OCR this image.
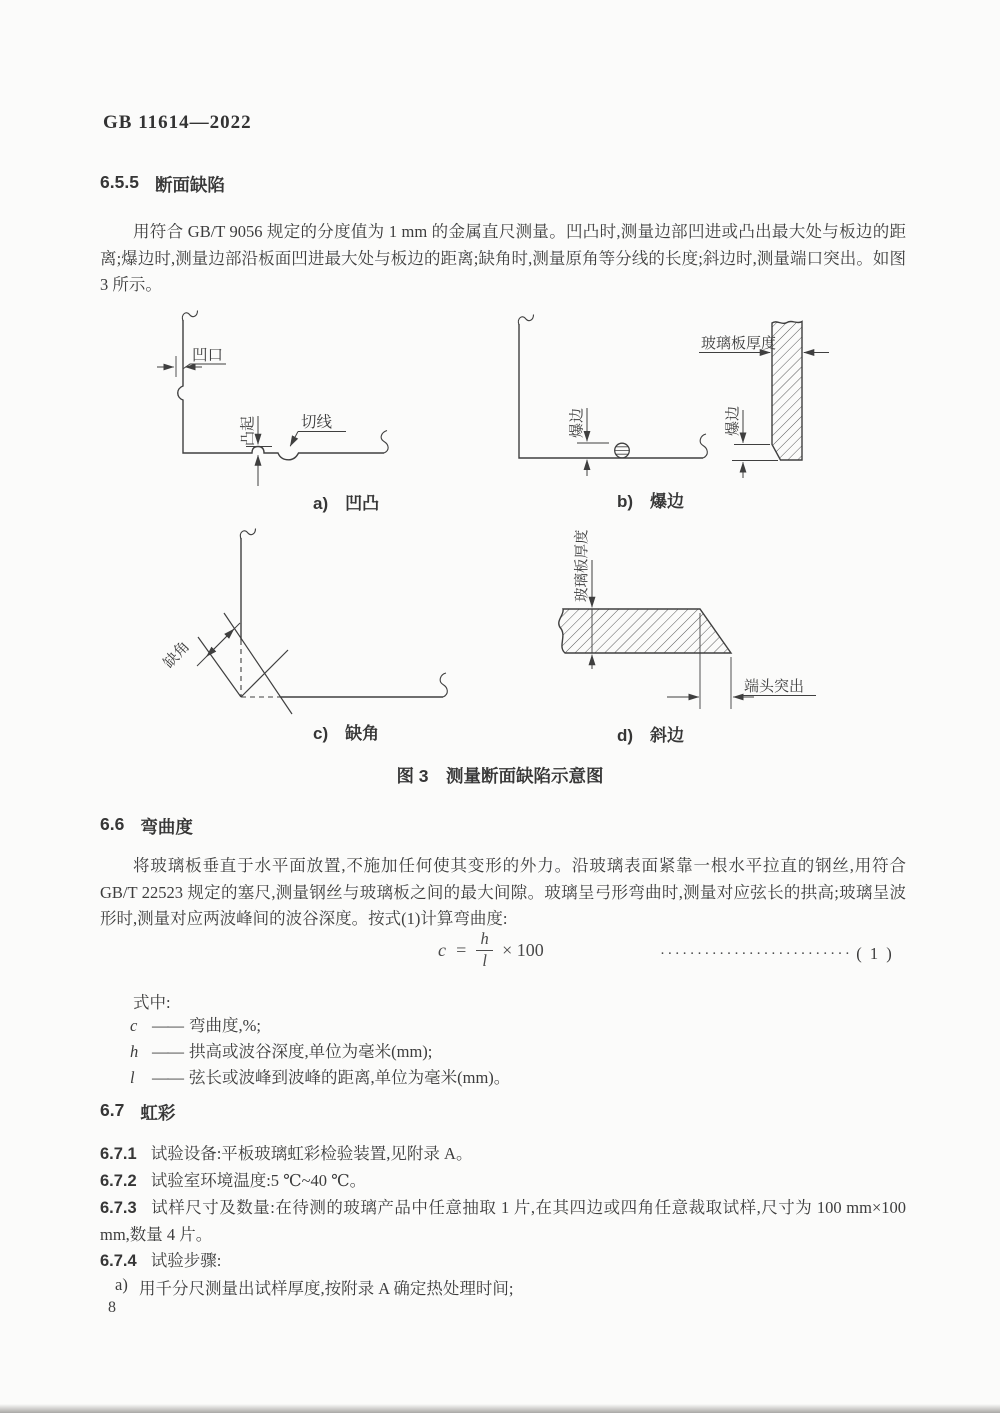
凹口
凸起	切线
a)　凹凸
爆边
玻璃板厚度
爆边
b)　爆边
缺角
c)　缺角
玻璃板厚度
端头突出
d)　斜边
GB 11614—2022
6.5.5 断面缺陷

用符合 GB/T 9056 规定的分度值为 1 mm 的金属直尺测量。凹凸时,测量边部凹进或凸出最大处与板边的距离;爆边时,测量边部沿板面凹进最大处与板边的距离;缺角时,测量原角等分线的长度;斜边时,测量端口突出。如图 3 所示。

图 3　测量断面缺陷示意图
6.6 弯曲度

将玻璃板垂直于水平面放置,不施加任何使其变形的外力。沿玻璃表面紧靠一根水平拉直的钢丝,用符合 GB/T 22523 规定的塞尺,测量钢丝与玻璃板之间的最大间隙。玻璃呈弓形弯曲时,测量对应弦长的拱高;玻璃呈波形时,测量对应两波峰间的波谷深度。按式(1)计算弯曲度:

$c = \frac{h}{l} \times 100$	·························· ( 1 )
式中:
c —— 弯曲度,%;
h —— 拱高或波谷深度,单位为毫米(mm);
l	—— 弦长或波峰到波峰的距离,单位为毫米(mm)。
6.7 虹彩

6.7.1 试验设备:平板玻璃虹彩检验装置,见附录 A。

6.7.2 试验室环境温度:5 ℃~40 ℃。

6.7.3 试样尺寸及数量:在待测的玻璃产品中任意抽取 1 片,在其四边或四角任意裁取试样,尺寸为 100 mm×100 mm,数量 4 片。

6.7.4 试验步骤:

a) 用千分尺测量出试样厚度,按附录 A 确定热处理时间;
8
